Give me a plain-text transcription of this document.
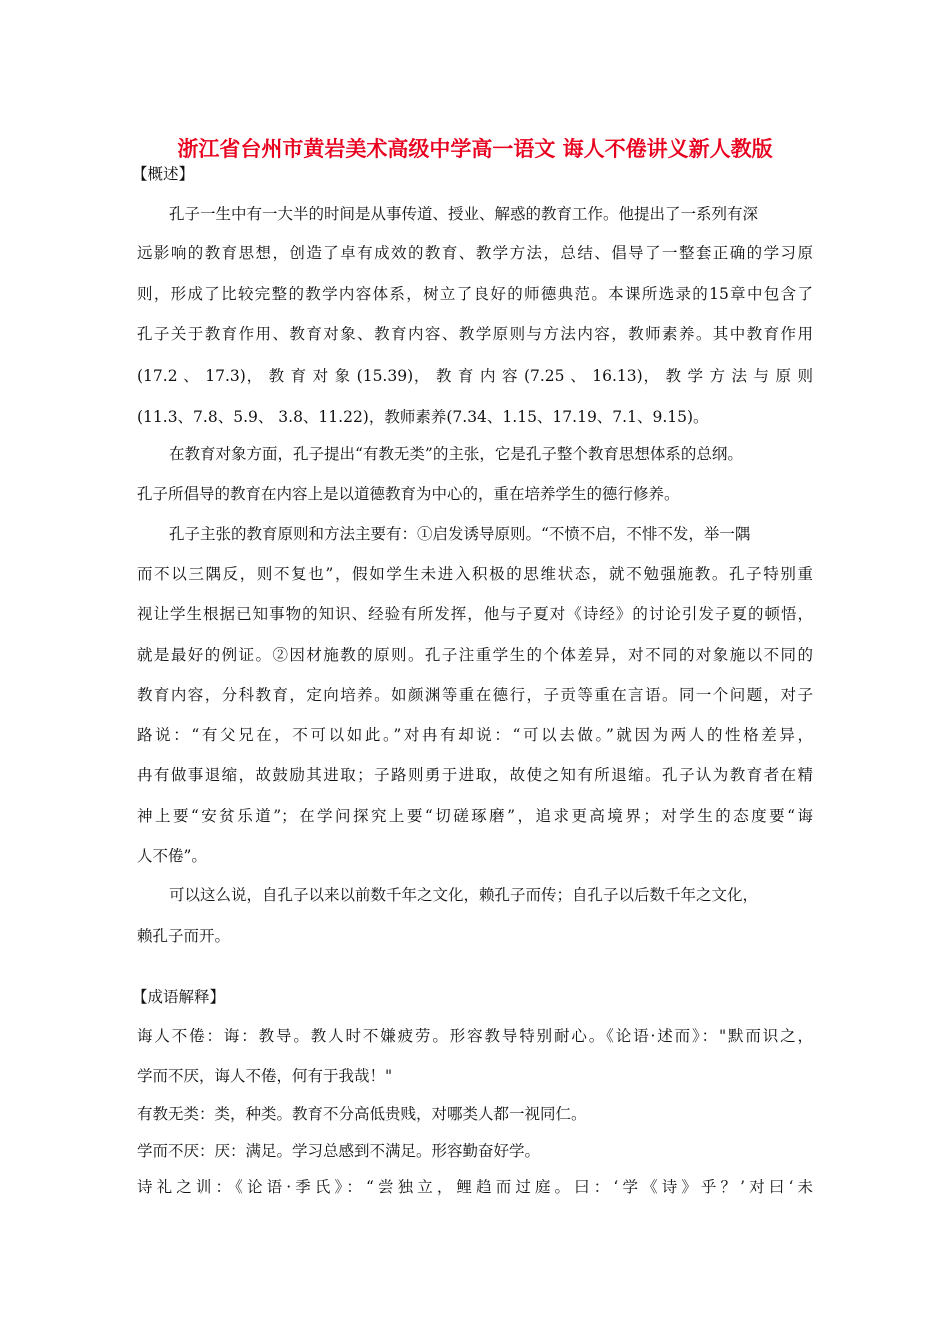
浙江省台州市黄岩美术高级中学高一语文 诲人不倦讲义新人教版
【概述】
孔子一生中有一大半的时间是从事传道、授业、解惑的教育工作。他提出了一系列有深
远影响的教育思想，创造了卓有成效的教育、教学方法，总结、倡导了一整套正确的学习原
则，形成了比较完整的教学内容体系，树立了良好的师德典范。本课所选录的15章中包含了
孔子关于教育作用、教育对象、教育内容、教学原则与方法内容，教师素养。其中教育作用
(17.2 、 17.3)， 教 育 对 象 (15.39)， 教 育 内 容 (7.25 、 16.13)， 教 学 方 法 与 原 则
(11.3、7.8、5.9、 3.8、11.22)，教师素养(7.34、1.15、17.19、7.1、9.15)。
在教育对象方面，孔子提出“有教无类”的主张，它是孔子整个教育思想体系的总纲。
孔子所倡导的教育在内容上是以道德教育为中心的，重在培养学生的德行修养。
孔子主张的教育原则和方法主要有：①启发诱导原则。“不愤不启，不悱不发，举一隅
而不以三隅反，则不复也”，假如学生未进入积极的思维状态，就不勉强施教。孔子特别重
视让学生根据已知事物的知识、经验有所发挥，他与子夏对《诗经》的讨论引发子夏的顿悟，
就是最好的例证。②因材施教的原则。孔子注重学生的个体差异，对不同的对象施以不同的
教育内容，分科教育，定向培养。如颜渊等重在德行，子贡等重在言语。同一个问题，对子
路说：“有父兄在，不可以如此。”对冉有却说：“可以去做。”就因为两人的性格差异，
冉有做事退缩，故鼓励其进取；子路则勇于进取，故使之知有所退缩。孔子认为教育者在精
神上要“安贫乐道”；在学问探究上要“切磋琢磨”，追求更高境界；对学生的态度要“诲
人不倦”。
可以这么说，自孔子以来以前数千年之文化，赖孔子而传；自孔子以后数千年之文化，
赖孔子而开。
【成语解释】
诲人不倦：诲：教导。教人时不嫌疲劳。形容教导特别耐心。《论语·述而》："默而识之，
学而不厌，诲人不倦，何有于我哉！"
有教无类：类，种类。教育不分高低贵贱，对哪类人都一视同仁。
学而不厌：厌：满足。学习总感到不满足。形容勤奋好学。
诗礼之训：《论语·季氏》：“尝独立，鲤趋而过庭。曰：‘学《诗》乎？’对曰‘未
